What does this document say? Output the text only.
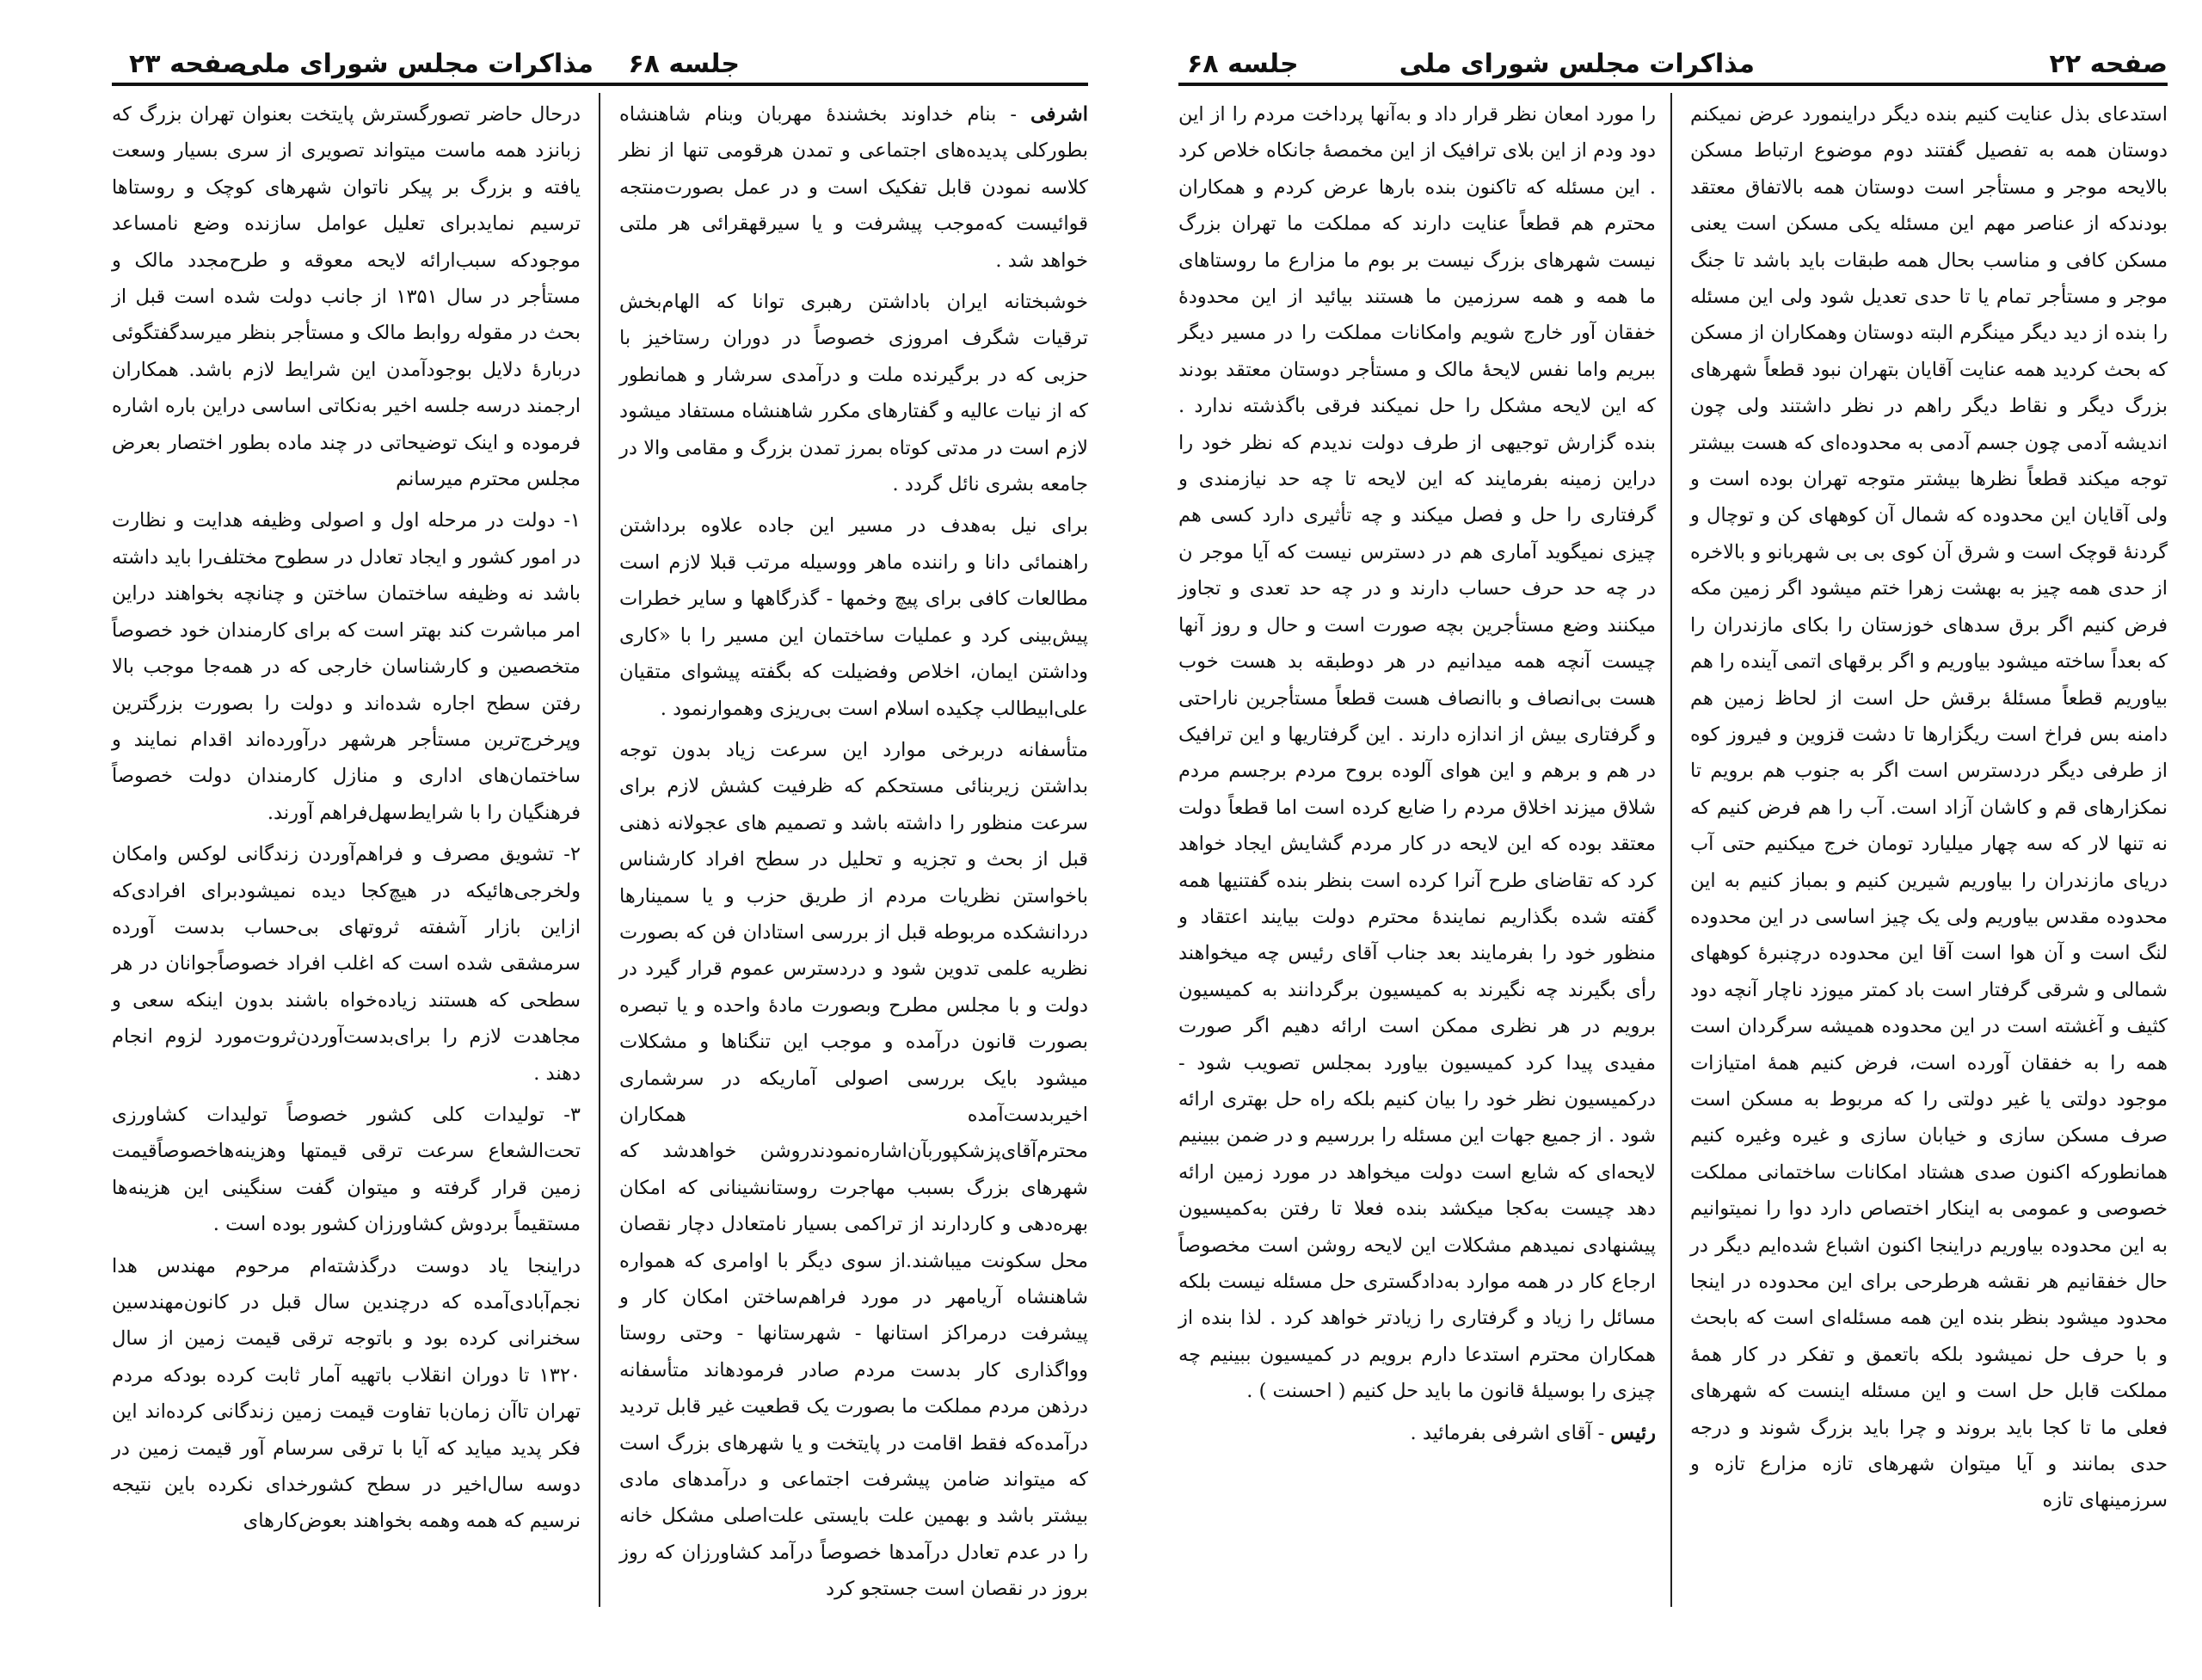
صفحه ۲۲
مذاکرات مجلس شورای ملی
جلسه ۶۸

استدعای بذل عنایت کنیم بنده دیگر دراینمورد عرض نمیکنم دوستان همه به تفصیل گفتند دوم موضوع ارتباط مسکن بالایحه موجر و مستأجر است دوستان همه بالاتفاق معتقد بودندکه از عناصر مهم این مسئله یکی مسکن است یعنی مسکن کافی و مناسب بحال همه طبقات باید باشد تا جنگ موجر و مستأجر تمام یا تا حدی تعدیل شود ولی این مسئله را بنده از دید دیگر مینگرم البته دوستان وهمکاران از مسکن که بحث کردید همه عنایت آقایان بتهران نبود قطعاً شهرهای بزرگ دیگر و نقاط دیگر راهم در نظر داشتند ولی چون اندیشه آدمی چون جسم آدمی به محدوده‌ای که هست بیشتر توجه میکند قطعاً نظرها بیشتر متوجه تهران بوده است و ولی آقایان این محدوده که شمال آن کوههای کن و توچال و گردنهٔ قوچک است و شرق آن کوی بی بی شهربانو و بالاخره از حدی همه چیز به بهشت زهرا ختم میشود اگر زمین مکه فرض کنیم اگر برق سدهای خوزستان را بکای مازندران را که بعداً ساخته میشود بیاوریم و اگر برقهای اتمی آینده را هم بیاوریم قطعاً مسئلهٔ برقش حل است از لحاظ زمین هم دامنه بس فراخ است ریگزارها تا دشت قزوین و فیروز کوه از طرفی دیگر دردسترس است اگر به جنوب هم برویم تا نمکزارهای قم و کاشان آزاد است. آب را هم فرض کنیم که نه تنها لار که سه چهار میلیارد تومان خرج میکنیم حتی آب دریای مازندران را بیاوریم شیرین کنیم و بمباز کنیم به این محدوده مقدس بیاوریم ولی یک چیز اساسی در این محدوده لنگ است و آن هوا است آقا این محدوده درچنبرهٔ کوههای شمالی و شرقی گرفتار است باد کمتر میوزد ناچار آنچه دود کثیف و آغشته است در این محدوده همیشه سرگردان است همه را به خفقان آورده است، فرض کنیم همهٔ امتیازات موجود دولتی یا غیر دولتی را که مربوط به مسکن است صرف مسکن سازی و خیابان سازی و غیره وغیره کنیم همانطورکه اکنون صدی هشتاد امکانات ساختمانی مملکت خصوصی و عمومی به اینکار اختصاص دارد دوا را نمیتوانیم به این محدوده بیاوریم دراینجا اکنون اشباع شده‌ایم دیگر در حال خفقانیم هر نقشه هرطرحی برای این محدوده در اینجا محدود میشود بنظر بنده این همه مسئله‌ای است که بابحث و با حرف حل نمیشود بلکه باتعمق و تفکر در کار همهٔ مملکت قابل حل است و این مسئله اینست که شهرهای فعلی ما تا کجا باید بروند و چرا باید بزرگ شوند و درجه حدی بمانند و آیا میتوان شهرهای تازه مزارع تازه و سرزمینهای تازه

را مورد امعان نظر قرار داد و به‌آنها پرداخت مردم را از این دود ودم از این بلای ترافیک از این مخمصهٔ جانکاه خلاص کرد . این مسئله که تاکنون بنده بارها عرض کردم و همکاران محترم هم قطعاً عنایت دارند که مملکت ما تهران بزرگ نیست شهرهای بزرگ نیست بر بوم ما مزارع ما روستاهای ما همه و همه سرزمین ما هستند بیائید از این محدودهٔ خفقان آور خارج شویم وامکانات مملکت را در مسیر دیگر ببریم واما نفس لایحهٔ مالک و مستأجر دوستان معتقد بودند که این لایحه مشکل را حل نمیکند فرقی باگذشته ندارد . بنده گزارش توجیهی از طرف دولت ندیدم که نظر خود را دراین زمینه بفرمایند که این لایحه تا چه حد نیازمندی و گرفتاری را حل و فصل میکند و چه تأثیری دارد کسی هم چیزی نمیگوید آماری هم در دسترس نیست که آیا موجر ن در چه حد حرف حساب دارند و در چه حد تعدی و تجاوز میکنند وضع مستأجرین بچه صورت است و حال و روز آنها چیست آنچه همه میدانیم در هر دوطبقه بد هست خوب هست بی‌انصاف و باانصاف هست قطعاً مستأجرین ناراحتی و گرفتاری بیش از اندازه دارند . این گرفتاریها و این ترافیک در هم و برهم و این هوای آلوده بروح مردم برجسم مردم شلاق میزند اخلاق مردم را ضایع کرده است اما قطعاً دولت معتقد بوده که این لایحه در کار مردم گشایش ایجاد خواهد کرد که تقاضای طرح آنرا کرده است بنظر بنده گفتنیها همه گفته شده بگذاریم نمایندهٔ محترم دولت بیایند اعتقاد و منظور خود را بفرمایند بعد جناب آقای رئیس چه میخواهند رأی بگیرند چه نگیرند به کمیسیون برگردانند به کمیسیون برویم در هر نظری ممکن است ارائه دهیم اگر صورت مفیدی پیدا کرد کمیسیون بیاورد بمجلس تصویب شود - درکمیسیون نظر خود را بیان کنیم بلکه راه حل بهتری ارائه شود . از جمیع جهات این مسئله را بررسیم و در ضمن ببینیم لایحه‌ای که شایع است دولت میخواهد در مورد زمین ارائه دهد چیست به‌کجا میکشد بنده فعلا تا رفتن به‌کمیسیون پیشنهادی نمیدهم مشکلات این لایحه روشن است مخصوصاً ارجاع کار در همه موارد به‌دادگستری حل مسئله نیست بلکه مسائل را زیاد و گرفتاری را زیادتر خواهد کرد . لذا بنده از همکاران محترم استدعا دارم برویم در کمیسیون ببینیم چه چیزی را بوسیلهٔ قانون ما باید حل کنیم ( احسنت ) .

رئیس - آقای اشرفی بفرمائید .

جلسه ۶۸
مذاکرات مجلس شورای ملی
صفحه ۲۳

اشرفی - بنام خداوند بخشندهٔ مهربان وبنام شاهنشاه بطورکلی پدیده‌های اجتماعی و تمدن هرقومی تنها از نظر کلاسه نمودن قابل تفکیک است و در عمل بصورت‌منتجه قوائیست که‌موجب پیشرفت و یا سیرقهقرائی هر ملتی خواهد شد .

خوشبختانه ایران باداشتن رهبری توانا که الهام‌بخش ترقیات شگرف امروزی خصوصاً در دوران رستاخیز با حزبی که در برگیرنده ملت و درآمدی سرشار و همانطور که از نیات عالیه و گفتارهای مکرر شاهنشاه مستفاد میشود لازم است در مدتی کوتاه بمرز تمدن بزرگ و مقامی والا در جامعه بشری نائل گردد .

برای نیل به‌هدف در مسیر این جاده علاوه برداشتن راهنمائی دانا و راننده ماهر ووسیله مرتب قبلا لازم است مطالعات کافی برای پیچ وخمها - گذرگاهها و سایر خطرات پیش‌بینی کرد و عملیات ساختمان این مسیر را با «کاری وداشتن ایمان، اخلاص وفضیلت که بگفته پیشوای متقیان علی‌ابیطالب چکیده اسلام است بی‌ریزی وهموارنمود .

متأسفانه دربرخی موارد این سرعت زیاد بدون توجه بداشتن زیربنائی مستحکم که ظرفیت کشش لازم برای سرعت منظور را داشته باشد و تصمیم های عجولانه ذهنی قبل از بحث و تجزیه و تحلیل در سطح افراد کارشناس باخواستن نظریات مردم از طریق حزب و یا سمینارها دردانشکده مربوطه قبل از بررسی استادان فن که بصورت نظریه علمی تدوین شود و دردسترس عموم قرار گیرد در دولت و با مجلس مطرح وبصورت مادهٔ واحده و یا تبصره بصورت قانون درآمده و موجب این تنگناها و مشکلات میشود بایک بررسی اصولی آماریکه در سرشماری اخیربدست‌آمده‌ همکاران محترم‌آقای‌پزشکپوربآن‌اشاره‌نمودندروشن خواهدشد که شهرهای بزرگ بسبب مهاجرت روستانشینانی که امکان بهره‌دهی و کاردارند از تراکمی بسیار نامتعادل دچار نقصان محل سکونت میباشند.از سوی دیگر با اوامری که همواره شاهنشاه آریامهر در مورد فراهم‌ساختن امکان کار و پیشرفت درمراکز استانها - شهرستانها - وحتی روستا وواگذاری کار بدست مردم صادر فرمودهاند متأسفانه درذهن مردم مملکت ما بصورت یک قطعیت غیر قابل تردید درآمده‌که فقط اقامت در پایتخت و یا شهرهای بزرگ است که میتواند ضامن پیشرفت اجتماعی و درآمدهای مادی بیشتر باشد و بهمین علت بایستی علت‌اصلی مشکل خانه را در عدم تعادل درآمدها خصوصاً درآمد کشاورزان که روز بروز در نقصان است جستجو کرد

درحال حاضر تصورگسترش پایتخت بعنوان تهران بزرگ که زبانزد همه ماست میتواند تصویری از سری بسیار وسعت یافته و بزرگ بر پیکر ناتوان شهرهای کوچک و روستاها ترسیم نمایدبرای تعلیل عوامل سازنده وضع نامساعد موجودکه سبب‌ارائه لایحه معوقه و طرح‌مجدد مالک و مستأجر در سال ۱۳۵۱ از جانب دولت شده است قبل از بحث در مقوله روابط مالک و مستأجر بنظر میرسدگفتگوئی دربارهٔ دلایل بوجودآمدن این شرایط لازم باشد. همکاران ارجمند درسه جلسه اخیر به‌نکاتی اساسی دراین باره اشاره فرموده و اینک توضیحاتی در چند ماده بطور اختصار بعرض مجلس محترم میرسانم

۱- دولت در مرحله اول و اصولی وظیفه هدایت و نظارت در امور کشور و ایجاد تعادل در سطوح مختلف‌را باید داشته باشد نه وظیفه ساختمان ساختن و چنانچه بخواهند دراین امر مباشرت کند بهتر است که برای کارمندان خود خصوصاً متخصصین و کارشناسان خارجی که در همه‌جا موجب بالا رفتن سطح اجاره شده‌اند و دولت را بصورت بزرگترین وپرخرج‌ترین مستأجر هرشهر درآورده‌اند اقدام نمایند و ساختمان‌های اداری و منازل کارمندان دولت خصوصاً فرهنگیان را با شرایط‌سهل‌فراهم آورند.

۲- تشویق مصرف و فراهم‌آوردن زندگانی لوکس وامکان ولخرجی‌هائیکه در هیچ‌کجا دیده نمیشودبرای افرادی‌که ازاین بازار آشفته ثروتهای بی‌حساب بدست آورده سرمشقی شده است که اغلب افراد خصوصاًجوانان در هر سطحی که هستند زیاده‌خواه باشند بدون اینکه سعی و مجاهدت لازم را برای‌بدست‌آوردن‌ثروت‌مورد لزوم انجام دهند .

۳- تولیدات کلی کشور خصوصاً تولیدات کشاورزی تحت‌الشعاع سرعت ترقی قیمتها وهزینه‌هاخصوصاًقیمت زمین قرار گرفته و میتوان گفت سنگینی این هزینه‌ها مستقیماً بردوش کشاورزان کشور بوده است .

دراینجا یاد دوست درگذشته‌ام مرحوم مهندس هدا نجم‌آبادی‌آمده که درچندین سال قبل در کانون‌مهندسین سخنرانی کرده بود و باتوجه ترقی قیمت زمین از سال ۱۳۲۰ تا دوران انقلاب باتهیه آمار ثابت کرده بودکه مردم تهران تاآن زمان‌با تفاوت قیمت زمین زندگانی کرده‌اند این فکر پدید میاید که آیا با ترقی سرسام آور قیمت زمین در دوسه سال‌اخیر در سطح کشورخدای نکرده باین نتیجه نرسیم که همه وهمه بخواهند بعوض‌کارهای
